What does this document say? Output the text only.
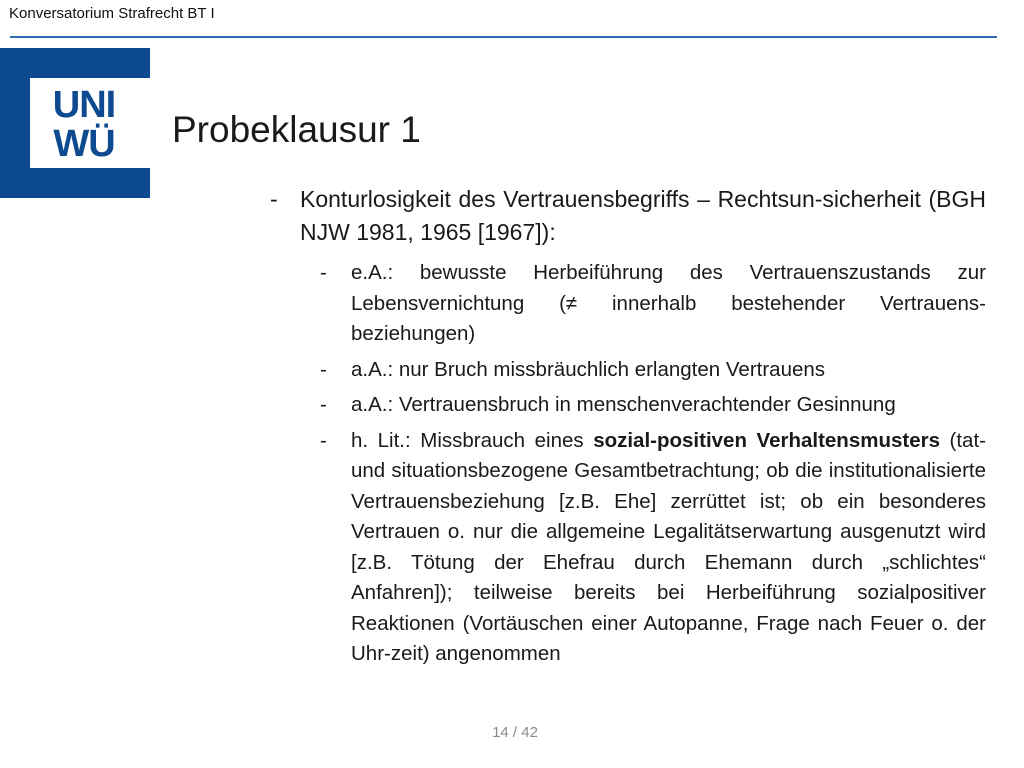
Konversatorium Strafrecht BT I
UNI
WÜ Probeklausur 1
- Konturlosigkeit des Vertrauensbegriffs – Rechtsun-sicherheit (BGH NJW 1981, 1965 [1967]):
- e.A.: bewusste Herbeiführung des Vertrauenszustands zur Lebensvernichtung (≠ innerhalb bestehender Vertrauens-beziehungen)
- a.A.: nur Bruch missbräuchlich erlangten Vertrauens
- a.A.: Vertrauensbruch in menschenverachtender Gesinnung
- h. Lit.: Missbrauch eines sozial-positiven Verhaltensmusters (tat- und situationsbezogene Gesamtbetrachtung; ob die institutionalisierte Vertrauensbeziehung [z.B. Ehe] zerrüttet ist; ob ein besonderes Vertrauen o. nur die allgemeine Legalitätserwartung ausgenutzt wird [z.B. Tötung der Ehefrau durch Ehemann durch „schlichtes“ Anfahren]); teilweise bereits bei Herbeiführung sozialpositiver Reaktionen (Vortäuschen einer Autopanne, Frage nach Feuer o. der Uhr-zeit) angenommen
14 / 42
